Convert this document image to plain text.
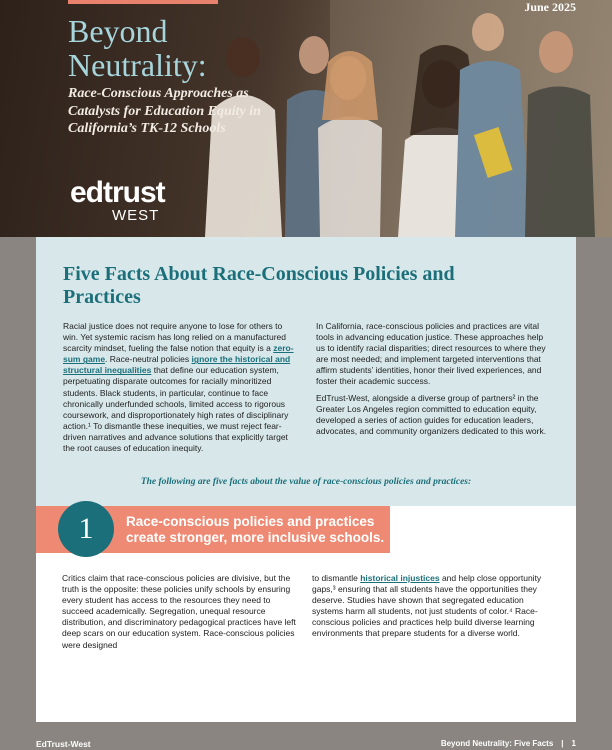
Beyond
Neutrality:
Race-Conscious Approaches as Catalysts for Education Equity in California’s TK-12 Schools
edtrust
WEST
June 2025
Five Facts About Race-Conscious Policies and Practices

Racial justice does not require anyone to lose for others to win. Yet systemic racism has long relied on a manufactured scarcity mindset, fueling the false notion that equity is a zero-sum game. Race-neutral policies ignore the historical and structural inequalities that define our education system, perpetuating disparate outcomes for racially minoritized students. Black students, in particular, continue to face chronically underfunded schools, limited access to rigorous coursework, and disproportionately high rates of disciplinary action.¹ To dismantle these inequities, we must reject fear-driven narratives and advance solutions that explicitly target the root causes of education inequity.

In California, race-conscious policies and practices are vital tools in advancing education justice. These approaches help us to identify racial disparities; direct resources to where they are most needed; and implement targeted interventions that affirm students’ identities, honor their lived experiences, and foster their academic success.

EdTrust-West, alongside a diverse group of partners² in the Greater Los Angeles region committed to education equity, developed a series of action guides for education leaders, advocates, and community organizers dedicated to this work.

The following are five facts about the value of race-conscious policies and practices:
1	Race-conscious policies and practices create stronger, more inclusive schools.

Critics claim that race-conscious policies are divisive, but the truth is the opposite: these policies unify schools by ensuring every student has access to the resources they need to succeed academically. Segregation, unequal resource distribution, and discriminatory pedagogical practices have left deep scars on our education system. Race-conscious policies were designed

to dismantle historical injustices and help close opportunity gaps,³ ensuring that all students have the opportunities they deserve. Studies have shown that segregated education systems harm all students, not just students of color.⁴ Race-conscious policies and practices help build diverse learning environments that prepare students for a diverse world.

EdTrust-West	Beyond Neutrality: Five Facts | 1
